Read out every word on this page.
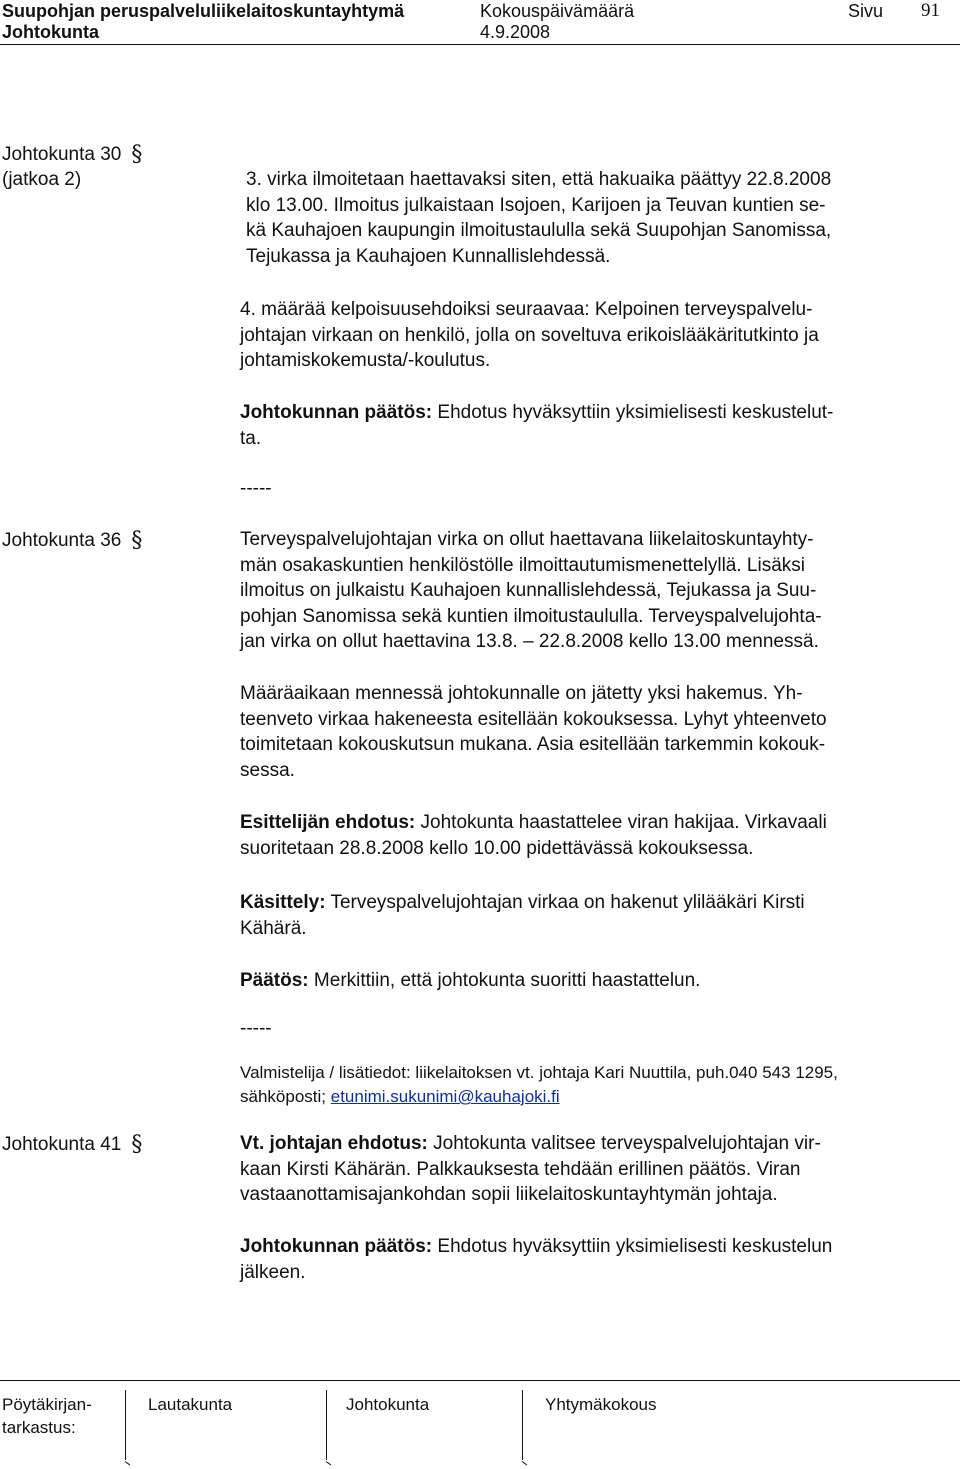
Suupohjan peruspalveluliikelaitoskuntayhtymä
Johtokunta
Kokouspäivämäärä
4.9.2008
Sivu 91
Johtokunta 30 §
(jatkoa 2)	3. virka ilmoitetaan haettavaksi siten, että hakuaika päättyy 22.8.2008

klo 13.00. Ilmoitus julkaistaan Isojoen, Karijoen ja Teuvan kuntien se-

kä Kauhajoen kaupungin ilmoitustaululla sekä Suupohjan Sanomissa,

Tejukassa ja Kauhajoen Kunnallislehdessä.

4. määrää kelpoisuusehdoiksi seuraavaa: Kelpoinen terveyspalvelu-

johtajan virkaan on henkilö, jolla on soveltuva erikoislääkäritutkinto ja

johtamiskokemusta/-koulutus.

Johtokunnan päätös: Ehdotus hyväksyttiin yksimielisesti keskustelut-

ta.

-----
Johtokunta 36 §	Terveyspalvelujohtajan virka on ollut haettavana liikelaitoskuntayhty-

män osakaskuntien henkilöstölle ilmoittautumismenettelyllä. Lisäksi

ilmoitus on julkaistu Kauhajoen kunnallislehdessä, Tejukassa ja Suu-

pohjan Sanomissa sekä kuntien ilmoitustaululla. Terveyspalvelujohta-

jan virka on ollut haettavina 13.8. – 22.8.2008 kello 13.00 mennessä.

Määräaikaan mennessä johtokunnalle on jätetty yksi hakemus. Yh-

teenveto virkaa hakeneesta esitellään kokouksessa. Lyhyt yhteenveto

toimitetaan kokouskutsun mukana. Asia esitellään tarkemmin kokouk-

sessa.

Esittelijän ehdotus: Johtokunta haastattelee viran hakijaa. Virkavaali

suoritetaan 28.8.2008 kello 10.00 pidettävässä kokouksessa.

Käsittely: Terveyspalvelujohtajan virkaa on hakenut ylilääkäri Kirsti

Kähärä.

Päätös: Merkittiin, että johtokunta suoritti haastattelun.

-----
Valmistelija / lisätiedot: liikelaitoksen vt. johtaja Kari Nuuttila, puh.040 543 1295,
sähköposti; etunimi.sukunimi@kauhajoki.fi
Johtokunta 41 §	Vt. johtajan ehdotus: Johtokunta valitsee terveyspalvelujohtajan vir-

kaan Kirsti Kähärän. Palkkauksesta tehdään erillinen päätös. Viran

vastaanottamisajankohdan sopii liikelaitoskuntayhtymän johtaja.

Johtokunnan päätös: Ehdotus hyväksyttiin yksimielisesti keskustelun

jälkeen.

Pöytäkirjan-
tarkastus:
Lautakunta	Johtokunta	Yhtymäkokous
